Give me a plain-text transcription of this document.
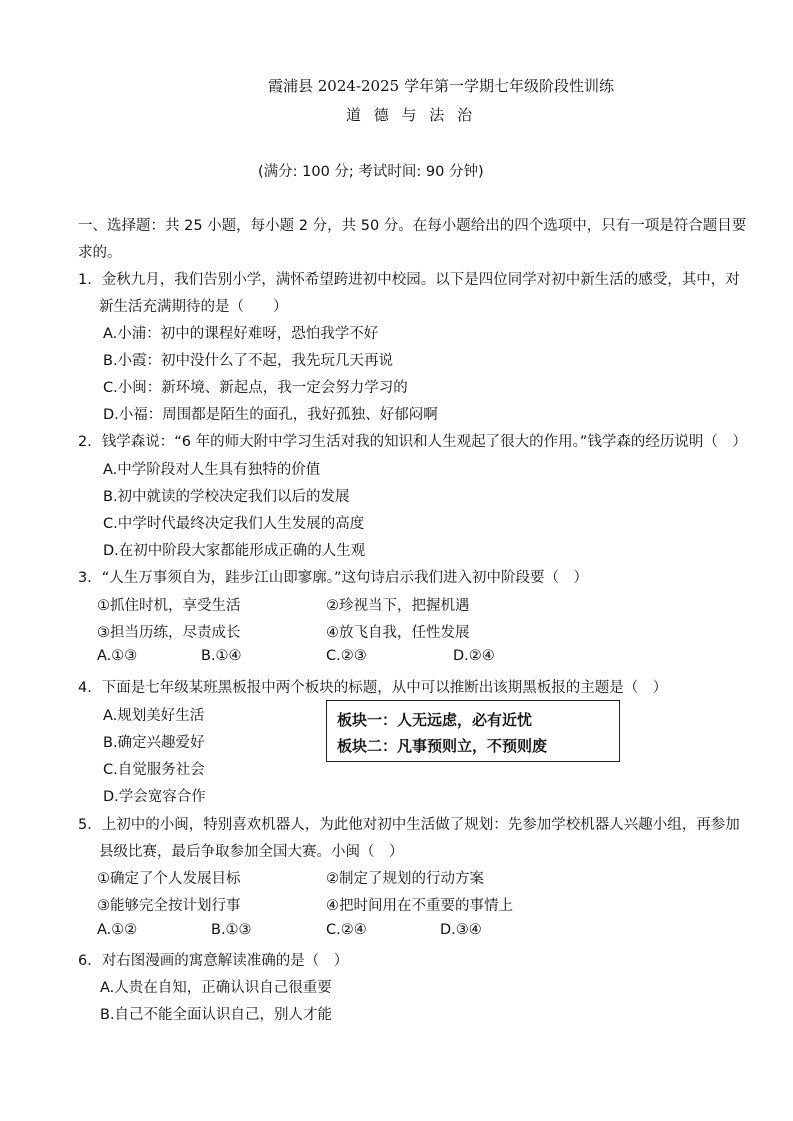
霞浦县 2024-2025 学年第一学期七年级阶段性训练
道 德 与 法 治
(满分: 100 分; 考试时间: 90 分钟)
一、选择题：共 25 小题，每小题 2 分，共 50 分。在每小题给出的四个选项中，只有一项是符合题目要
求的。
1．金秋九月，我们告别小学，满怀希望跨进初中校园。以下是四位同学对初中新生活的感受，其中，对
新生活充满期待的是（　　）
A.小浦：初中的课程好难呀，恐怕我学不好
B.小霞：初中没什么了不起，我先玩几天再说
C.小闽：新环境、新起点，我一定会努力学习的
D.小福：周围都是陌生的面孔，我好孤独、好郁闷啊
2．钱学森说：“6 年的师大附中学习生活对我的知识和人生观起了很大的作用。”钱学森的经历说明（　）
A.中学阶段对人生具有独特的价值
B.初中就读的学校决定我们以后的发展
C.中学时代最终决定我们人生发展的高度
D.在初中阶段大家都能形成正确的人生观
3．“人生万事须自为，跬步江山即寥廓。”这句诗启示我们进入初中阶段要（　）
①抓住时机，享受生活	②珍视当下，把握机遇
③担当历练，尽责成长	④放飞自我，任性发展
A.①③	B.①④	C.②③	D.②④
4．下面是七年级某班黑板报中两个板块的标题，从中可以推断出该期黑板报的主题是（　）
A.规划美好生活
B.确定兴趣爱好
C.自觉服务社会
D.学会宽容合作
板块一：人无远虑，必有近忧
板块二：凡事预则立，不预则废
5．上初中的小闽，特别喜欢机器人，为此他对初中生活做了规划：先参加学校机器人兴趣小组，再参加
县级比赛，最后争取参加全国大赛。小闽（　）
①确定了个人发展目标	②制定了规划的行动方案
③能够完全按计划行事	④把时间用在不重要的事情上
A.①②	B.①③	C.②④	D.③④
6．对右图漫画的寓意解读准确的是（　）
A.人贵在自知，正确认识自己很重要
B.自己不能全面认识自己，别人才能
